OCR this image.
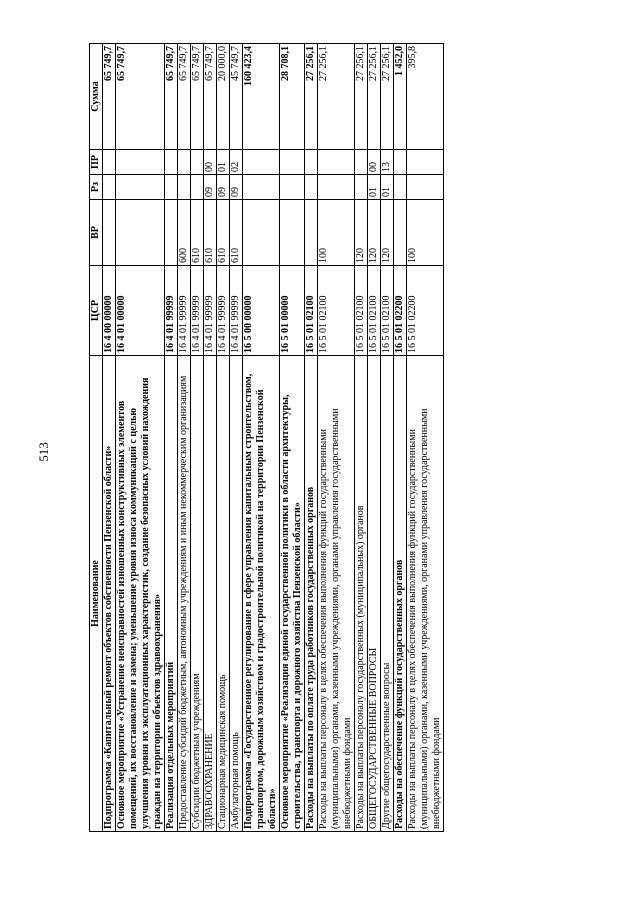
513
Наименование	ЦСР	ВР	Рз	ПР	Сумма
Подпрограмма «Капитальный ремонт объектов собственности Пензенской области»	16 4 00 00000				65 749,7
Основное мероприятие «Устранение неисправностей изношенных конструктивных элементов помещений, их восстановление и замена; уменьшение уровня износа коммуникаций с целью улучшения уровня их эксплуатационных характеристик, создание безопасных условий нахождения граждан на территории объектов здравоохранения»	16 4 01 00000				65 749,7
Реализация отдельных мероприятий	16 4 01 99999				65 749,7
Предоставление субсидий бюджетным, автономным учреждениям и иным некоммерческим организациям	16 4 01 99999	600			65 749,7
Субсидии бюджетным учреждениям	16 4 01 99999	610			65 749,7
ЗДРАВООХРАНЕНИЕ	16 4 01 99999	610	09	00	65 749,7
Стационарная медицинская помощь	16 4 01 99999	610	09	01	20 000,0
Амбулаторная помощь	16 4 01 99999	610	09	02	45 749,7
Подпрограмма «Государственное регулирование в сфере управления капитальным строительством, транспортом, дорожным хозяйством и градостроительной политикой на территории Пензенской области»	16 5 00 00000				160 423,4
Основное мероприятие «Реализация единой государственной политики в области архитектуры, строительства, транспорта и дорожного хозяйства Пензенской области»	16 5 01 00000				28 708,1
Расходы на выплаты по оплате труда работников государственных органов	16 5 01 02100				27 256,1
Расходы на выплаты персоналу в целях обеспечения выполнения функций государственными (муниципальными) органами, казенными учреждениями, органами управления государственными внебюджетными фондами	16 5 01 02100	100			27 256,1
Расходы на выплаты персоналу государственных (муниципальных) органов	16 5 01 02100	120			27 256,1
ОБЩЕГОСУДАРСТВЕННЫЕ ВОПРОСЫ	16 5 01 02100	120	01	00	27 256,1
Другие общегосударственные вопросы	16 5 01 02100	120	01	13	27 256,1
Расходы на обеспечение функций государственных органов	16 5 01 02200				1 452,0
Расходы на выплаты персоналу в целях обеспечения выполнения функций государственными (муниципальными) органами, казенными учреждениями, органами управления государственными внебюджетными фондами	16 5 01 02200	100			395,8
